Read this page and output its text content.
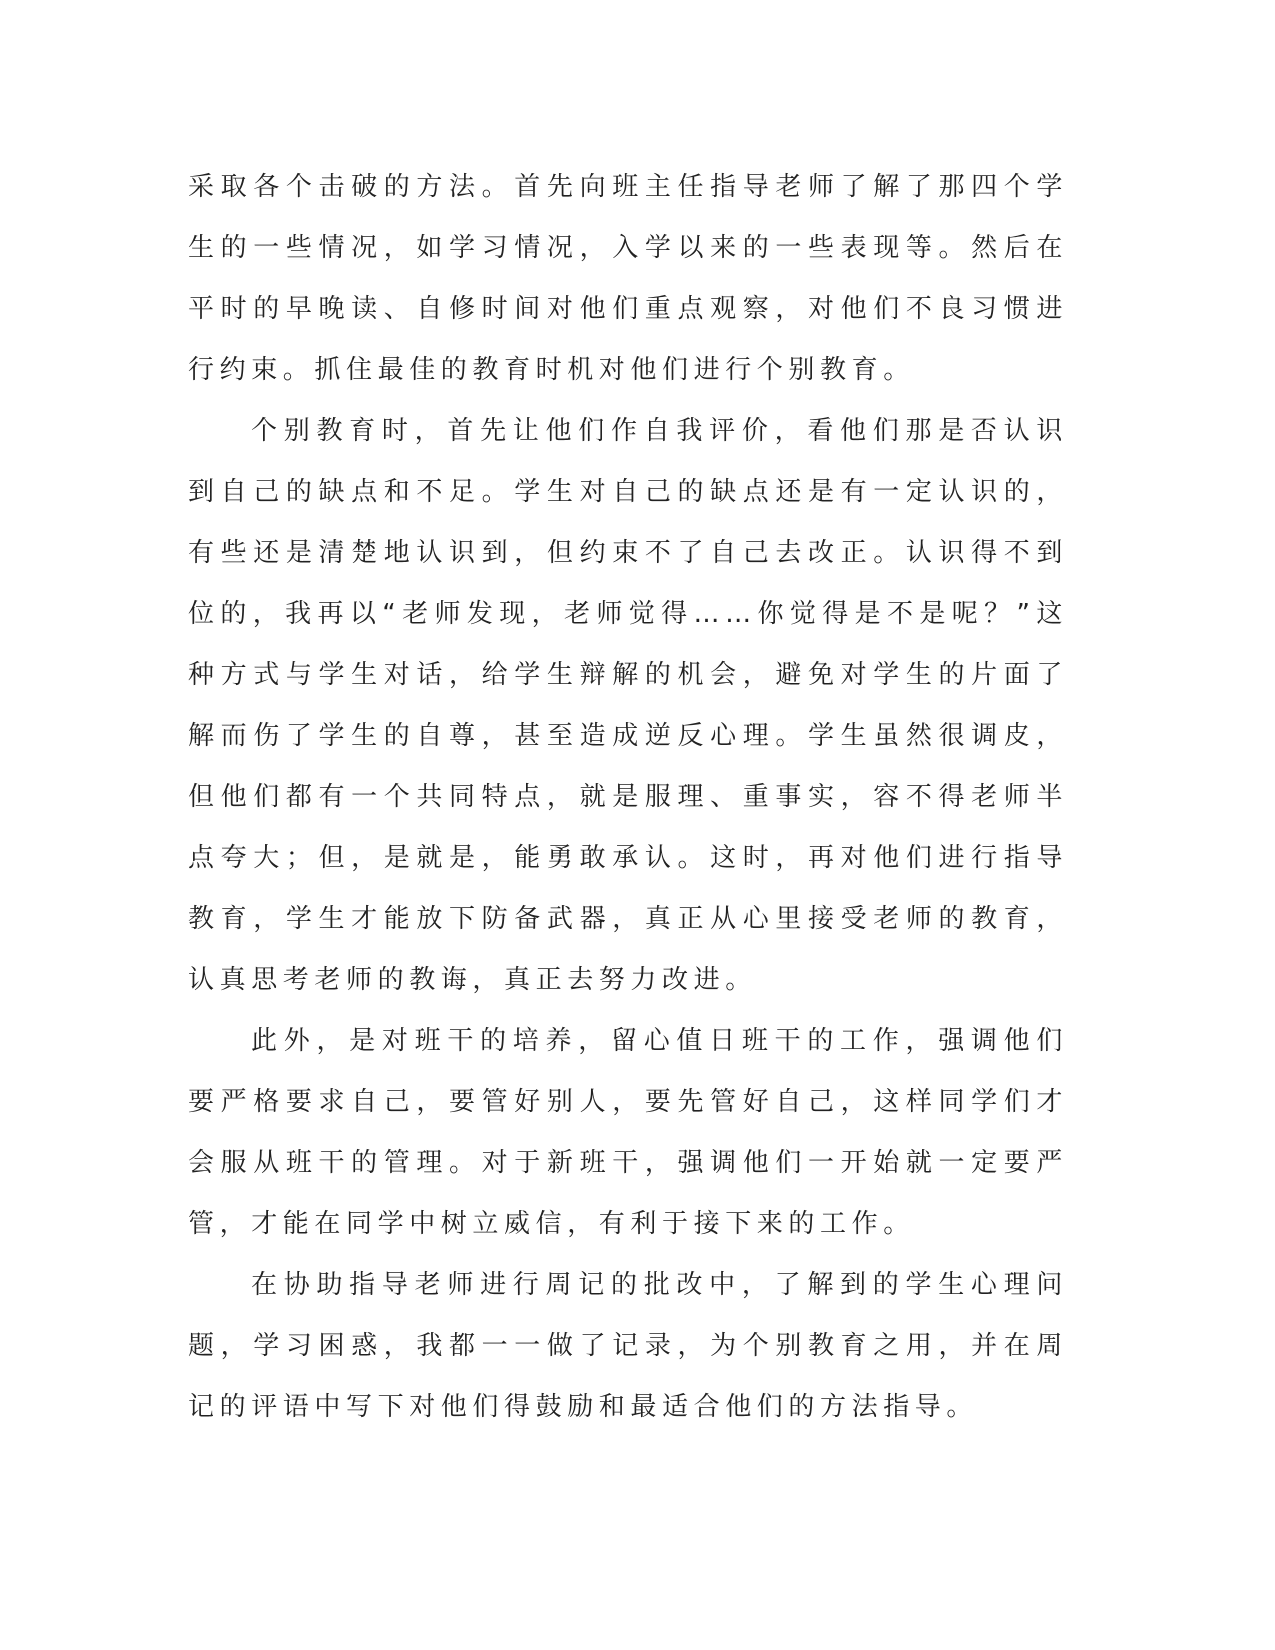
采取各个击破的方法。首先向班主任指导老师了解了那四个学生的一些情况，如学习情况，入学以来的一些表现等。然后在平时的早晚读、自修时间对他们重点观察，对他们不良习惯进行约束。抓住最佳的教育时机对他们进行个别教育。

个别教育时，首先让他们作自我评价，看他们那是否认识到自己的缺点和不足。学生对自己的缺点还是有一定认识的，有些还是清楚地认识到，但约束不了自己去改正。认识得不到位的，我再以“老师发现，老师觉得……你觉得是不是呢？”这种方式与学生对话，给学生辩解的机会，避免对学生的片面了解而伤了学生的自尊，甚至造成逆反心理。学生虽然很调皮，但他们都有一个共同特点，就是服理、重事实，容不得老师半点夸大；但，是就是，能勇敢承认。这时，再对他们进行指导教育，学生才能放下防备武器，真正从心里接受老师的教育，认真思考老师的教诲，真正去努力改进。

此外，是对班干的培养，留心值日班干的工作，强调他们要严格要求自己，要管好别人，要先管好自己，这样同学们才会服从班干的管理。对于新班干，强调他们一开始就一定要严管，才能在同学中树立威信，有利于接下来的工作。

在协助指导老师进行周记的批改中，了解到的学生心理问题，学习困惑，我都一一做了记录，为个别教育之用，并在周记的评语中写下对他们得鼓励和最适合他们的方法指导。
